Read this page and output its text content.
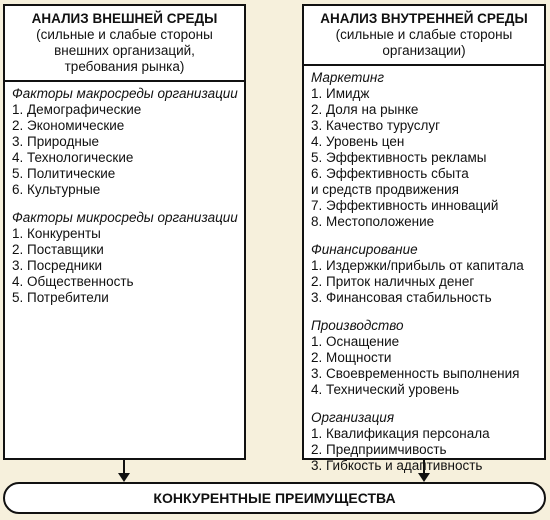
АНАЛИЗ ВНЕШНЕЙ СРЕДЫ
(сильные и слабые стороны
внешних организаций,
требования рынка)
Факторы макросреды организации
1. Демографические
2. Экономические
3. Природные
4. Технологические
5. Политические
6. Культурные
Факторы микросреды организации
1. Конкуренты
2. Поставщики
3. Посредники
4. Общественность
5. Потребители
АНАЛИЗ ВНУТРЕННЕЙ СРЕДЫ
(сильные и слабые стороны
организации)
Маркетинг
1. Имидж
2. Доля на рынке
3. Качество туруслуг
4. Уровень цен
5. Эффективность рекламы
6. Эффективность сбыта
и средств продвижения
7. Эффективность инноваций
8. Местоположение
Финансирование
1. Издержки/прибыль от капитала
2. Приток наличных денег
3. Финансовая стабильность
Производство
1. Оснащение
2. Мощности
3. Своевременность выполнения
4. Технический уровень
Организация
1. Квалификация персонала
2. Предприимчивость
3. Гибкость и адаптивность
КОНКУРЕНТНЫЕ ПРЕИМУЩЕСТВА
